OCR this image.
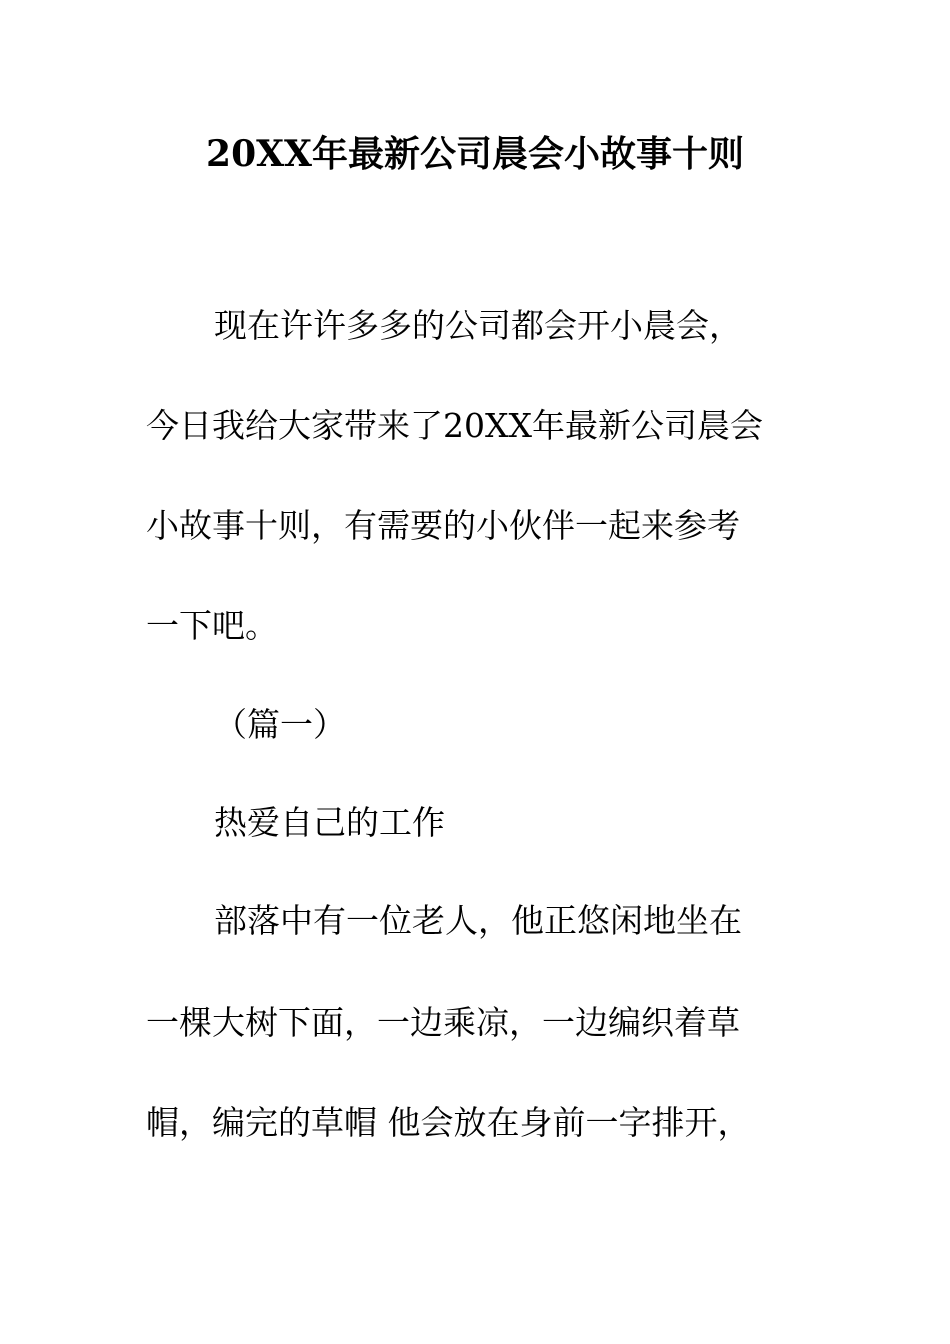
20XX年最新公司晨会小故事十则
现在许许多多的公司都会开小晨会，
今日我给大家带来了20XX年最新公司晨会
小故事十则，有需要的小伙伴一起来参考
一下吧。
（篇一）
热爱自己的工作
部落中有一位老人，他正悠闲地坐在
一棵大树下面，一边乘凉，一边编织着草
帽，编完的草帽 他会放在身前一字排开，
